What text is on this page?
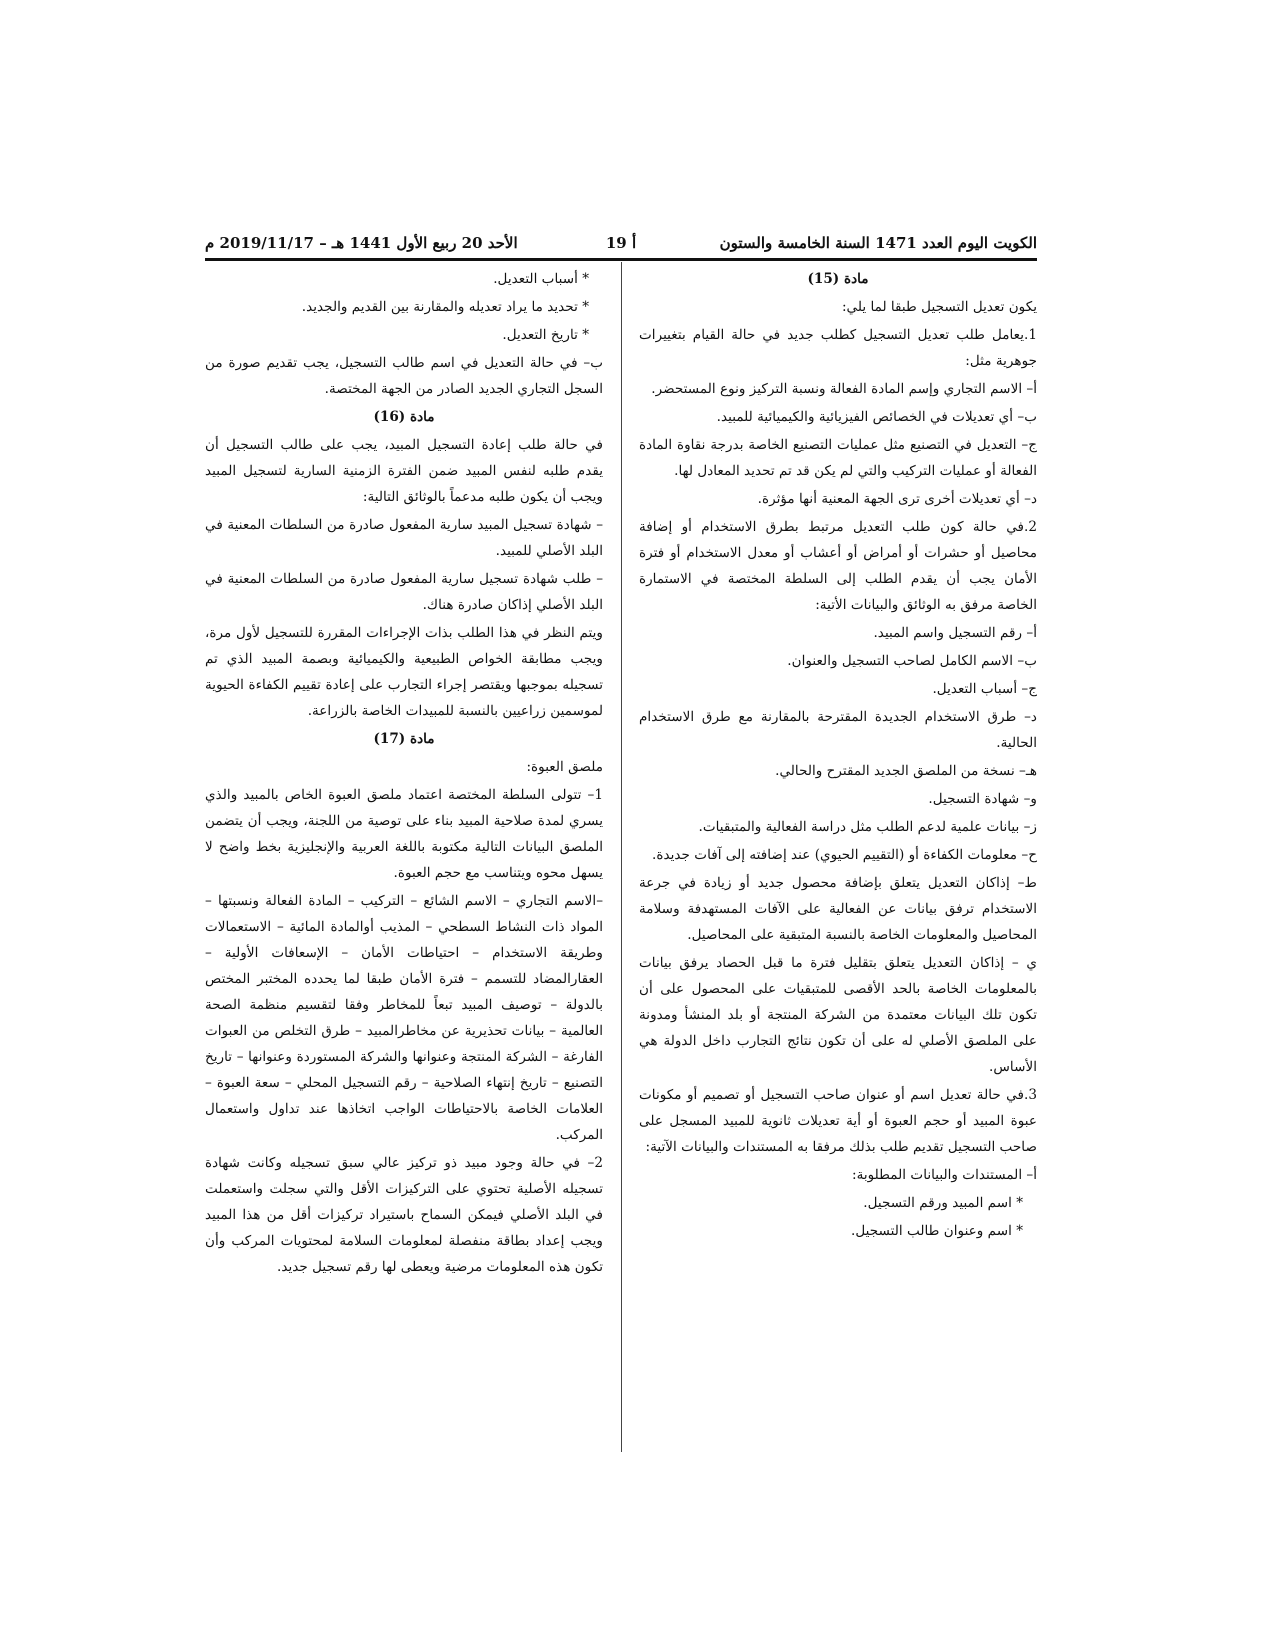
الكويت اليوم العدد 1471 السنة الخامسة والستون
أ 19
الأحد 20 ربيع الأول 1441 هـ – 2019/11/17 م

مادة (15)

يكون تعديل التسجيل طبقا لما يلي:

1.يعامل طلب تعديل التسجيل كطلب جديد في حالة القيام بتغييرات جوهرية مثل:

أ– الاسم التجاري وإسم المادة الفعالة ونسبة التركيز ونوع المستحضر.

ب– أي تعديلات في الخصائص الفيزيائية والكيميائية للمبيد.

ج– التعديل في التصنيع مثل عمليات التصنيع الخاصة بدرجة نقاوة المادة الفعالة أو عمليات التركيب والتي لم يكن قد تم تحديد المعادل لها.

د– أي تعديلات أخرى ترى الجهة المعنية أنها مؤثرة.

2.في حالة كون طلب التعديل مرتبط بطرق الاستخدام أو إضافة محاصيل أو حشرات أو أمراض أو أعشاب أو معدل الاستخدام أو فترة الأمان يجب أن يقدم الطلب إلى السلطة المختصة في الاستمارة الخاصة مرفق به الوثائق والبيانات الأتية:

أ– رقم التسجيل واسم المبيد.

ب– الاسم الكامل لصاحب التسجيل والعنوان.

ج– أسباب التعديل.

د– طرق الاستخدام الجديدة المقترحة بالمقارنة مع طرق الاستخدام الحالية.

هـ– نسخة من الملصق الجديد المقترح والحالي.

و– شهادة التسجيل.

ز– بيانات علمية لدعم الطلب مثل دراسة الفعالية والمتبقيات.

ح– معلومات الكفاءة أو (التقييم الحيوي) عند إضافته إلى آفات جديدة.

ط– إذاكان التعديل يتعلق بإضافة محصول جديد أو زيادة في جرعة الاستخدام ترفق بيانات عن الفعالية على الآفات المستهدفة وسلامة المحاصيل والمعلومات الخاصة بالنسبة المتبقية على المحاصيل.

ي – إذاكان التعديل يتعلق بتقليل فترة ما قبل الحصاد يرفق بيانات بالمعلومات الخاصة بالحد الأقصى للمتبقيات على المحصول على أن تكون تلك البيانات معتمدة من الشركة المنتجة أو بلد المنشأ ومدونة على الملصق الأصلي له على أن تكون نتائج التجارب داخل الدولة هي الأساس.

3.في حالة تعديل اسم أو عنوان صاحب التسجيل أو تصميم أو مكونات عبوة المبيد أو حجم العبوة أو أية تعديلات ثانوية للمبيد المسجل على صاحب التسجيل تقديم طلب بذلك مرفقا به المستندات والبيانات الآتية:

أ– المستندات والبيانات المطلوبة:

* اسم المبيد ورقم التسجيل.

* اسم وعنوان طالب التسجيل.

* أسباب التعديل.

* تحديد ما يراد تعديله والمقارنة بين القديم والجديد.

* تاريخ التعديل.

ب– في حالة التعديل في اسم طالب التسجيل، يجب تقديم صورة من السجل التجاري الجديد الصادر من الجهة المختصة.

مادة (16)

في حالة طلب إعادة التسجيل المبيد، يجب على طالب التسجيل أن يقدم طلبه لنفس المبيد ضمن الفترة الزمنية السارية لتسجيل المبيد ويجب أن يكون طلبه مدعماً بالوثائق التالية:

– شهادة تسجيل المبيد سارية المفعول صادرة من السلطات المعنية في البلد الأصلي للمبيد.

– طلب شهادة تسجيل سارية المفعول صادرة من السلطات المعنية في البلد الأصلي إذاكان صادرة هناك.

ويتم النظر في هذا الطلب بذات الإجراءات المقررة للتسجيل لأول مرة، ويجب مطابقة الخواص الطبيعية والكيميائية وبصمة المبيد الذي تم تسجيله بموجبها ويقتصر إجراء التجارب على إعادة تقييم الكفاءة الحيوية لموسمين زراعيين بالنسبة للمبيدات الخاصة بالزراعة.

مادة (17)

ملصق العبوة:

1– تتولى السلطة المختصة اعتماد ملصق العبوة الخاص بالمبيد والذي يسري لمدة صلاحية المبيد بناء على توصية من اللجنة، ويجب أن يتضمن الملصق البيانات التالية مكتوبة باللغة العربية والإنجليزية بخط واضح لا يسهل محوه ويتناسب مع حجم العبوة.

–الاسم التجاري – الاسم الشائع – التركيب – المادة الفعالة ونسبتها – المواد ذات النشاط السطحي – المذيب أوالمادة المائية – الاستعمالات وطريقة الاستخدام – احتياطات الأمان – الإسعافات الأولية – العقارالمضاد للتسمم – فترة الأمان طبقا لما يحدده المختبر المختص بالدولة – توصيف المبيد تبعاً للمخاطر وفقا لتقسيم منظمة الصحة العالمية – بيانات تحذيرية عن مخاطرالمبيد – طرق التخلص من العبوات الفارغة – الشركة المنتجة وعنوانها والشركة المستوردة وعنوانها – تاريخ التصنيع – تاريخ إنتهاء الصلاحية – رقم التسجيل المحلي – سعة العبوة – العلامات الخاصة بالاحتياطات الواجب اتخاذها عند تداول واستعمال المركب.

2– في حالة وجود مبيد ذو تركيز عالي سبق تسجيله وكانت شهادة تسجيله الأصلية تحتوي على التركيزات الأقل والتي سجلت واستعملت في البلد الأصلي فيمكن السماح باستيراد تركيزات أقل من هذا المبيد ويجب إعداد بطاقة منفصلة لمعلومات السلامة لمحتويات المركب وأن تكون هذه المعلومات مرضية ويعطى لها رقم تسجيل جديد.
